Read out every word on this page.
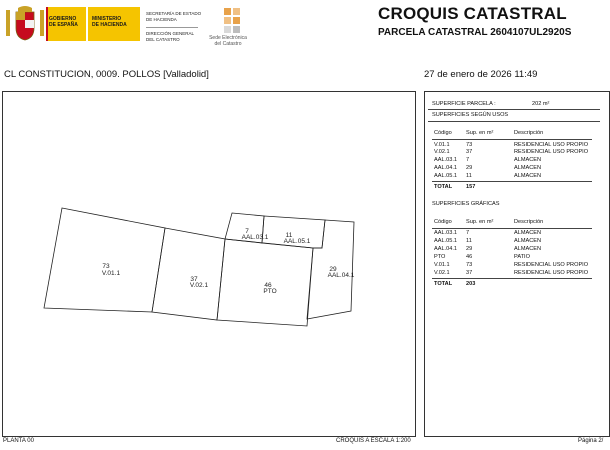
GOBIERNO
DE ESPAÑA
MINISTERIO
DE HACIENDA
SECRETARÍA DE ESTADO
DE HACIENDA
DIRECCIÓN GENERAL
DEL CATASTRO	Sede Electrónica
del Catastro
CROQUIS CATASTRAL
PARCELA CATASTRAL 2604107UL2920S
CL CONSTITUCION, 0009. POLLOS [Valladolid]	27 de enero de 2026 11:49
73
V.01.1
37
V.02.1	46
PTO
7
AAL.03.1	11
AAL.05.1
29
AAL.04.1
PLANTA 00	CROQUIS A ESCALA 1:200
SUPERFICIE PARCELA :	202 m²
SUPERFICIES SEGÚN USOS
Código	Sup. en m²	Descripción
V.01.1	73	RESIDENCIAL USO PROPIO
V.02.1	37	RESIDENCIAL USO PROPIO
AAL.03.1 7	ALMACEN
AAL.04.1 29	ALMACEN
AAL.05.1 11	ALMACEN
TOTAL 157
SUPERFICIES GRÁFICAS
Código	Sup. en m²	Descripción
AAL.03.1 7	ALMACEN
AAL.05.1 11	ALMACEN
AAL.04.1 29	ALMACEN
PTO	46	PATIO
V.01.1	73	RESIDENCIAL USO PROPIO
V.02.1	37	RESIDENCIAL USO PROPIO
TOTAL 203
Página 2/
